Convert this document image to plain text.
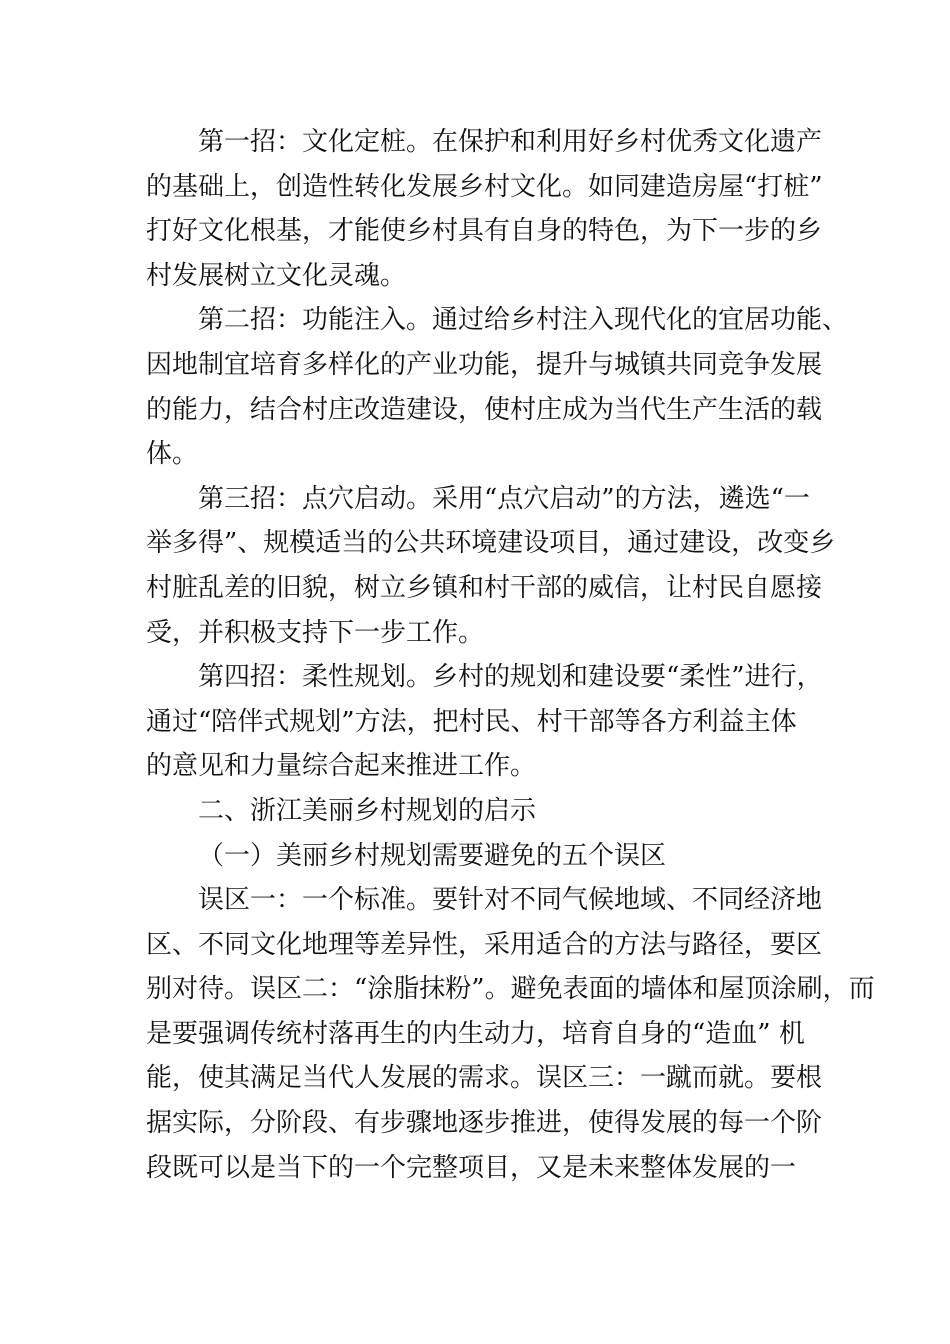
第一招：文化定桩。在保护和利用好乡村优秀文化遗产
的基础上，创造性转化发展乡村文化。如同建造房屋“打桩”
打好文化根基，才能使乡村具有自身的特色，为下一步的乡
村发展树立文化灵魂。
第二招：功能注入。通过给乡村注入现代化的宜居功能、
因地制宜培育多样化的产业功能，提升与城镇共同竞争发展
的能力，结合村庄改造建设，使村庄成为当代生产生活的载
体。
第三招：点穴启动。采用“点穴启动”的方法，遴选“一
举多得”、规模适当的公共环境建设项目，通过建设，改变乡
村脏乱差的旧貌，树立乡镇和村干部的威信，让村民自愿接
受，并积极支持下一步工作。
第四招：柔性规划。乡村的规划和建设要“柔性”进行，
通过“陪伴式规划”方法，把村民、村干部等各方利益主体
的意见和力量综合起来推进工作。
二、浙江美丽乡村规划的启示
（一）美丽乡村规划需要避免的五个误区
误区一：一个标准。要针对不同气候地域、不同经济地
区、不同文化地理等差异性，采用适合的方法与路径，要区
别对待。误区二：“涂脂抹粉”。避免表面的墙体和屋顶涂刷，而
是要强调传统村落再生的内生动力，培育自身的“造血” 机
能，使其满足当代人发展的需求。误区三：一蹴而就。要根
据实际，分阶段、有步骤地逐步推进，使得发展的每一个阶
段既可以是当下的一个完整项目，又是未来整体发展的一
